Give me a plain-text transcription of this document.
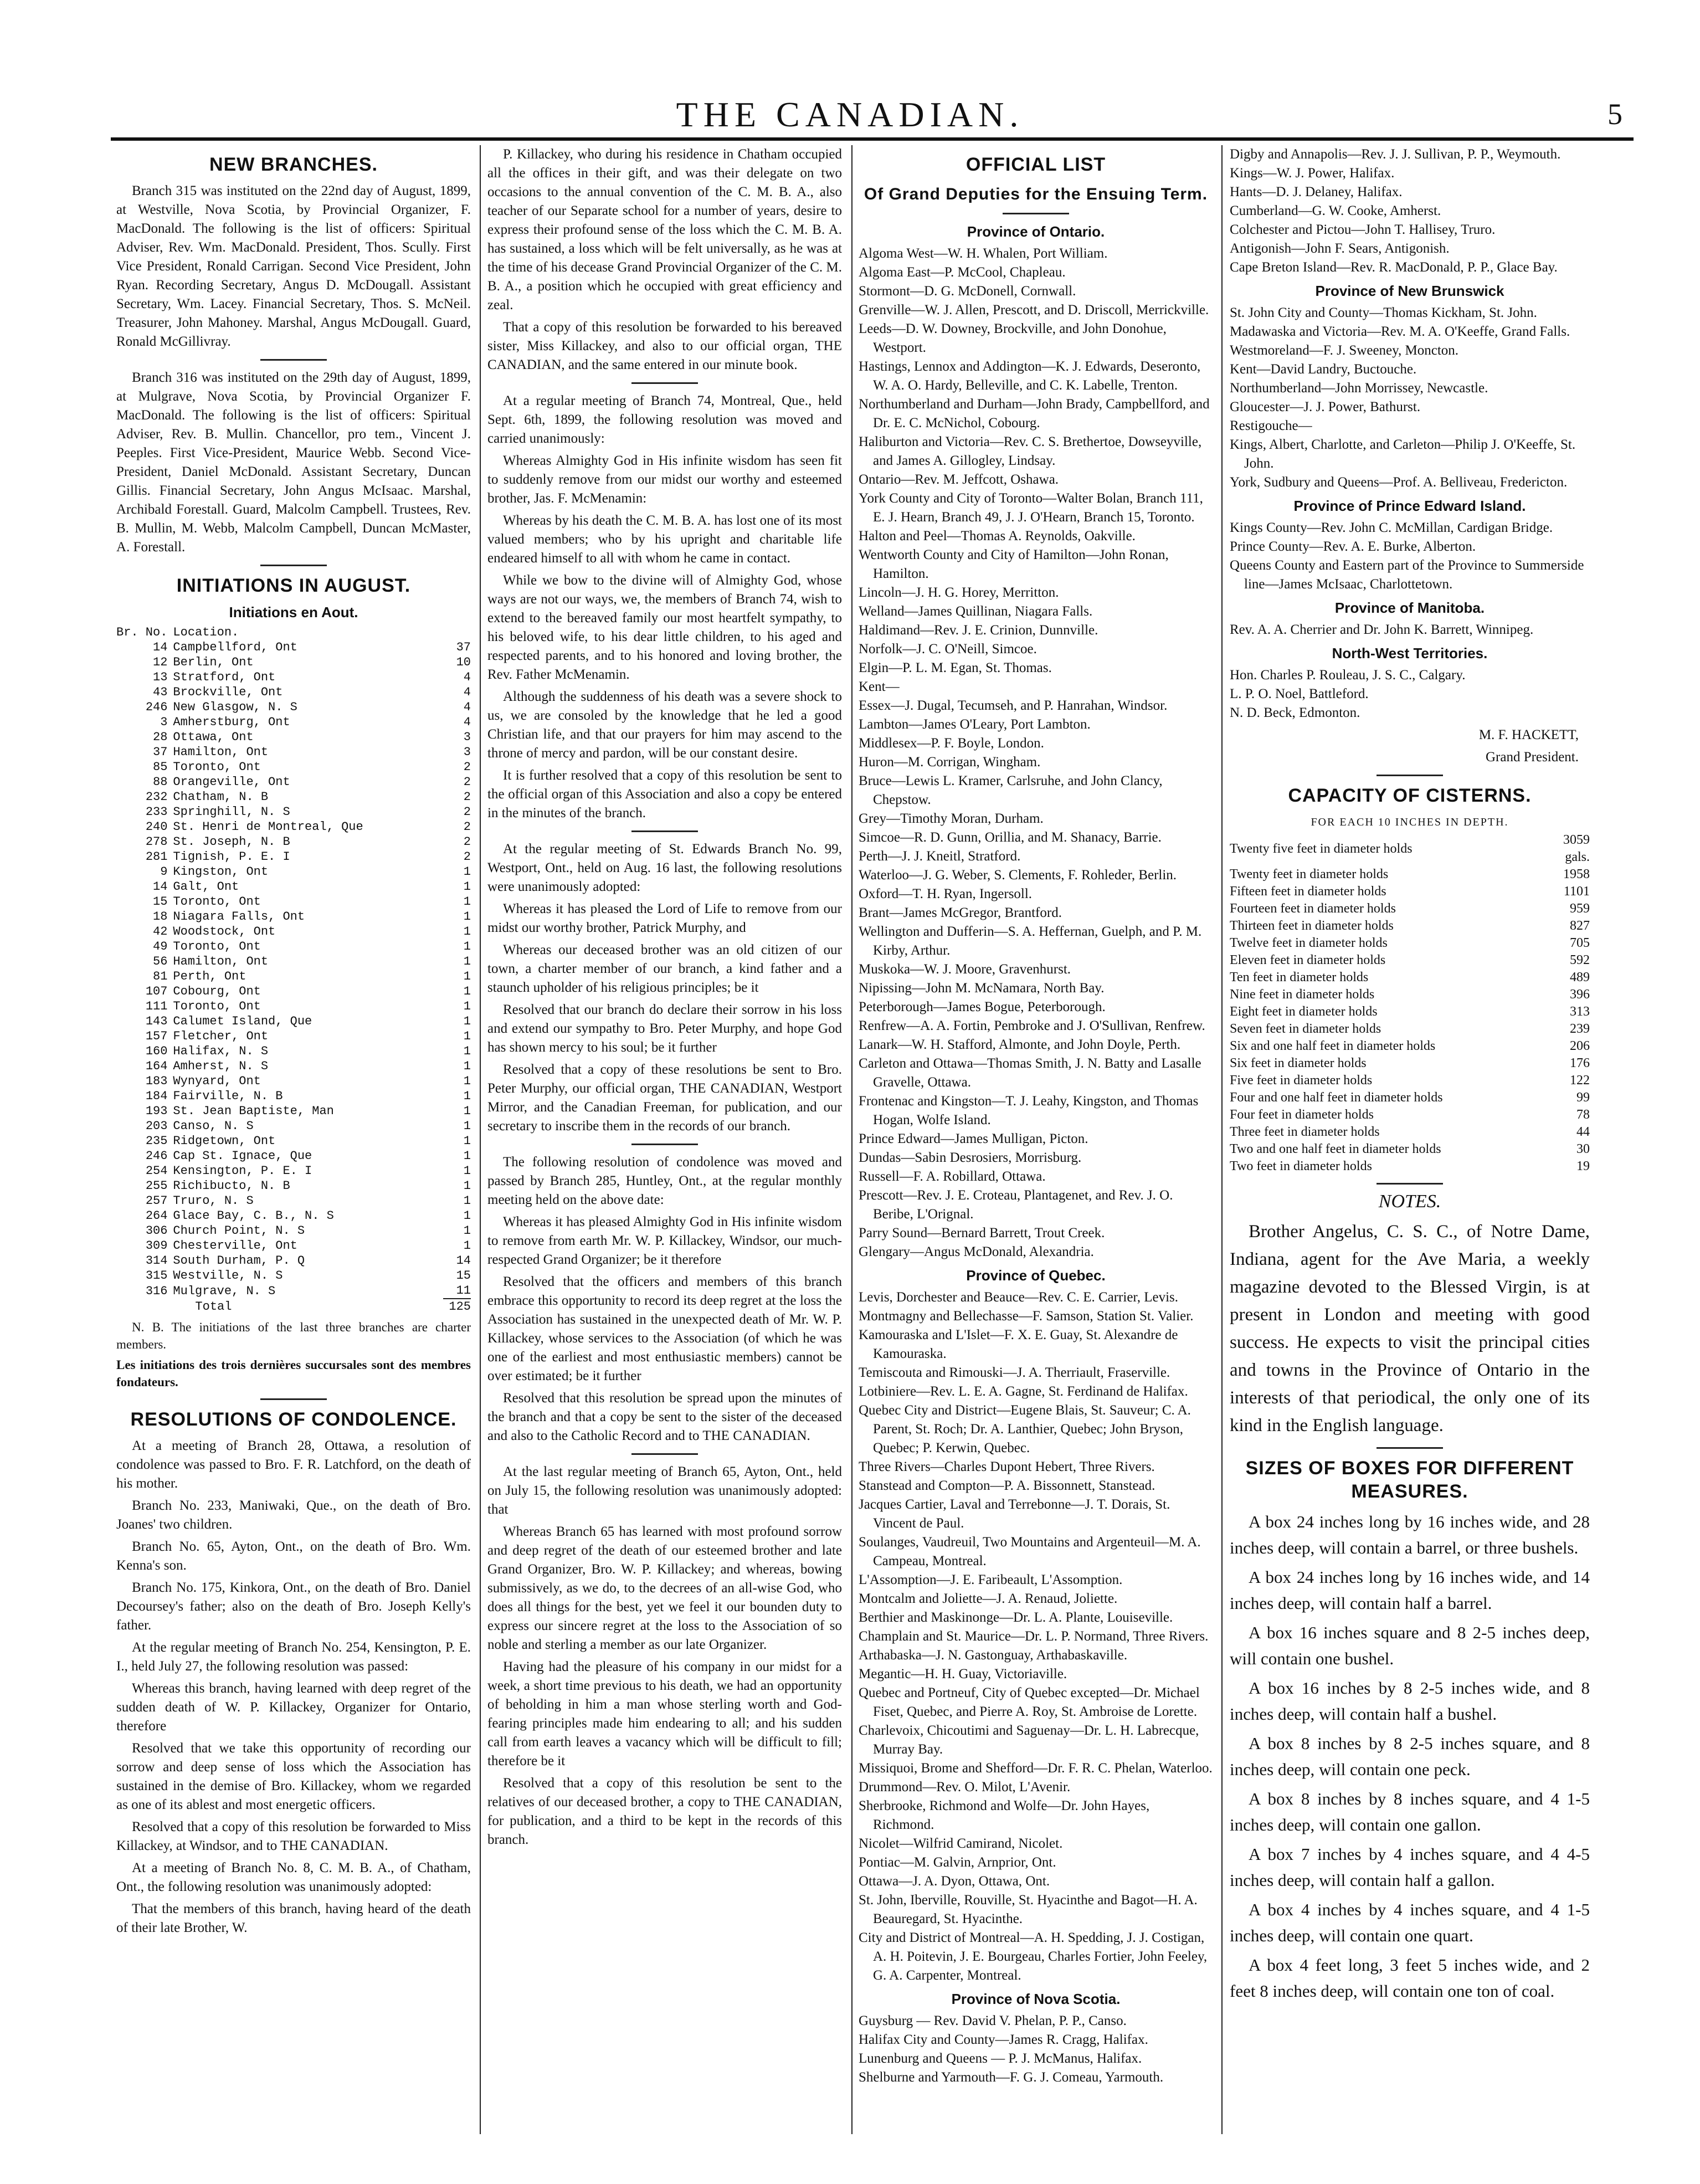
THE CANADIAN.	5
NEW BRANCHES.

Branch 315 was instituted on the 22nd day of August, 1899, at Westville, Nova Scotia, by Provincial Organizer, F. MacDonald. The following is the list of officers: Spiritual Adviser, Rev. Wm. MacDonald. President, Thos. Scully. First Vice President, Ronald Carrigan. Second Vice President, John Ryan. Recording Secretary, Angus D. McDougall. Assistant Secretary, Wm. Lacey. Financial Secretary, Thos. S. McNeil. Treasurer, John Mahoney. Marshal, Angus McDougall. Guard, Ronald McGillivray.

Branch 316 was instituted on the 29th day of August, 1899, at Mulgrave, Nova Scotia, by Provincial Organizer F. MacDonald. The following is the list of officers: Spiritual Adviser, Rev. B. Mullin. Chancellor, pro tem., Vincent J. Peeples. First Vice-President, Maurice Webb. Second Vice-President, Daniel McDonald. Assistant Secretary, Duncan Gillis. Financial Secretary, John Angus McIsaac. Marshal, Archibald Forestall. Guard, Malcolm Campbell. Trustees, Rev. B. Mullin, M. Webb, Malcolm Campbell, Duncan McMaster, A. Forestall.

INITIATIONS IN AUGUST.
Initiations en Aout.
Br. No.	Location.	
14	Campbellford, Ont	37
12	Berlin, Ont	10
13	Stratford, Ont	4
43	Brockville, Ont	4
246	New Glasgow, N. S	4
3	Amherstburg, Ont	4
28	Ottawa, Ont	3
37	Hamilton, Ont	3
85	Toronto, Ont	2
88	Orangeville, Ont	2
232	Chatham, N. B	2
233	Springhill, N. S	2
240	St. Henri de Montreal, Que	2
278	St. Joseph, N. B	2
281	Tignish, P. E. I	2
9	Kingston, Ont	1
14	Galt, Ont	1
15	Toronto, Ont	1
18	Niagara Falls, Ont	1
42	Woodstock, Ont	1
49	Toronto, Ont	1
56	Hamilton, Ont	1
81	Perth, Ont	1
107	Cobourg, Ont	1
111	Toronto, Ont	1
143	Calumet Island, Que	1
157	Fletcher, Ont	1
160	Halifax, N. S	1
164	Amherst, N. S	1
183	Wynyard, Ont	1
184	Fairville, N. B	1
193	St. Jean Baptiste, Man	1
203	Canso, N. S	1
235	Ridgetown, Ont	1
246	Cap St. Ignace, Que	1
254	Kensington, P. E. I	1
255	Richibucto, N. B	1
257	Truro, N. S	1
264	Glace Bay, C. B., N. S	1
306	Church Point, N. S	1
309	Chesterville, Ont	1
314	South Durham, P. Q	14
315	Westville, N. S	15
316	Mulgrave, N. S	11
	Total	125

N. B. The initiations of the last three branches are charter members.

Les initiations des trois dernières succursales sont des membres fondateurs.

RESOLUTIONS OF CONDOLENCE.

At a meeting of Branch 28, Ottawa, a resolution of condolence was passed to Bro. F. R. Latchford, on the death of his mother.

Branch No. 233, Maniwaki, Que., on the death of Bro. Joanes' two children.

Branch No. 65, Ayton, Ont., on the death of Bro. Wm. Kenna's son.

Branch No. 175, Kinkora, Ont., on the death of Bro. Daniel Decoursey's father; also on the death of Bro. Joseph Kelly's father.

At the regular meeting of Branch No. 254, Kensington, P. E. I., held July 27, the following resolution was passed:

Whereas this branch, having learned with deep regret of the sudden death of W. P. Killackey, Organizer for Ontario, therefore

Resolved that we take this opportunity of recording our sorrow and deep sense of loss which the Association has sustained in the demise of Bro. Killackey, whom we regarded as one of its ablest and most energetic officers.

Resolved that a copy of this resolution be forwarded to Miss Killackey, at Windsor, and to THE CANADIAN.

At a meeting of Branch No. 8, C. M. B. A., of Chatham, Ont., the following resolution was unanimously adopted:

That the members of this branch, having heard of the death of their late Brother, W.

P. Killackey, who during his residence in Chatham occupied all the offices in their gift, and was their delegate on two occasions to the annual convention of the C. M. B. A., also teacher of our Separate school for a number of years, desire to express their profound sense of the loss which the C. M. B. A. has sustained, a loss which will be felt universally, as he was at the time of his decease Grand Provincial Organizer of the C. M. B. A., a position which he occupied with great efficiency and zeal.

That a copy of this resolution be forwarded to his bereaved sister, Miss Killackey, and also to our official organ, THE CANADIAN, and the same entered in our minute book.

At a regular meeting of Branch 74, Montreal, Que., held Sept. 6th, 1899, the following resolution was moved and carried unanimously:

Whereas Almighty God in His infinite wisdom has seen fit to suddenly remove from our midst our worthy and esteemed brother, Jas. F. McMenamin:

Whereas by his death the C. M. B. A. has lost one of its most valued members; who by his upright and charitable life endeared himself to all with whom he came in contact.

While we bow to the divine will of Almighty God, whose ways are not our ways, we, the members of Branch 74, wish to extend to the bereaved family our most heartfelt sympathy, to his beloved wife, to his dear little children, to his aged and respected parents, and to his honored and loving brother, the Rev. Father McMenamin.

Although the suddenness of his death was a severe shock to us, we are consoled by the knowledge that he led a good Christian life, and that our prayers for him may ascend to the throne of mercy and pardon, will be our constant desire.

It is further resolved that a copy of this resolution be sent to the official organ of this Association and also a copy be entered in the minutes of the branch.

At the regular meeting of St. Edwards Branch No. 99, Westport, Ont., held on Aug. 16 last, the following resolutions were unanimously adopted:

Whereas it has pleased the Lord of Life to remove from our midst our worthy brother, Patrick Murphy, and

Whereas our deceased brother was an old citizen of our town, a charter member of our branch, a kind father and a staunch upholder of his religious principles; be it

Resolved that our branch do declare their sorrow in his loss and extend our sympathy to Bro. Peter Murphy, and hope God has shown mercy to his soul; be it further

Resolved that a copy of these resolutions be sent to Bro. Peter Murphy, our official organ, THE CANADIAN, Westport Mirror, and the Canadian Freeman, for publication, and our secretary to inscribe them in the records of our branch.

The following resolution of condolence was moved and passed by Branch 285, Huntley, Ont., at the regular monthly meeting held on the above date:

Whereas it has pleased Almighty God in His infinite wisdom to remove from earth Mr. W. P. Killackey, Windsor, our much-respected Grand Organizer; be it therefore

Resolved that the officers and members of this branch embrace this opportunity to record its deep regret at the loss the Association has sustained in the unexpected death of Mr. W. P. Killackey, whose services to the Association (of which he was one of the earliest and most enthusiastic members) cannot be over estimated; be it further

Resolved that this resolution be spread upon the minutes of the branch and that a copy be sent to the sister of the deceased and also to the Catholic Record and to THE CANADIAN.

At the last regular meeting of Branch 65, Ayton, Ont., held on July 15, the following resolution was unanimously adopted: that

Whereas Branch 65 has learned with most profound sorrow and deep regret of the death of our esteemed brother and late Grand Organizer, Bro. W. P. Killackey; and whereas, bowing submissively, as we do, to the decrees of an all-wise God, who does all things for the best, yet we feel it our bounden duty to express our sincere regret at the loss to the Association of so noble and sterling a member as our late Organizer.

Having had the pleasure of his company in our midst for a week, a short time previous to his death, we had an opportunity of beholding in him a man whose sterling worth and God-fearing principles made him endearing to all; and his sudden call from earth leaves a vacancy which will be difficult to fill; therefore be it

Resolved that a copy of this resolution be sent to the relatives of our deceased brother, a copy to THE CANADIAN, for publication, and a third to be kept in the records of this branch.

OFFICIAL LIST
Of Grand Deputies for the Ensuing Term.
Province of Ontario.

Algoma West—W. H. Whalen, Port William.

Algoma East—P. McCool, Chapleau.

Stormont—D. G. McDonell, Cornwall.

Grenville—W. J. Allen, Prescott, and D. Driscoll, Merrickville.

Leeds—D. W. Downey, Brockville, and John Donohue, Westport.

Hastings, Lennox and Addington—K. J. Edwards, Deseronto, W. A. O. Hardy, Belleville, and C. K. Labelle, Trenton.

Northumberland and Durham—John Brady, Campbellford, and Dr. E. C. McNichol, Cobourg.

Haliburton and Victoria—Rev. C. S. Brethertoe, Dowseyville, and James A. Gillogley, Lindsay.

Ontario—Rev. M. Jeffcott, Oshawa.

York County and City of Toronto—Walter Bolan, Branch 111, E. J. Hearn, Branch 49, J. J. O'Hearn, Branch 15, Toronto.

Halton and Peel—Thomas A. Reynolds, Oakville.

Wentworth County and City of Hamilton—John Ronan, Hamilton.

Lincoln—J. H. G. Horey, Merritton.

Welland—James Quillinan, Niagara Falls.

Haldimand—Rev. J. E. Crinion, Dunnville.

Norfolk—J. C. O'Neill, Simcoe.

Elgin—P. L. M. Egan, St. Thomas.

Kent—

Essex—J. Dugal, Tecumseh, and P. Hanrahan, Windsor.

Lambton—James O'Leary, Port Lambton.

Middlesex—P. F. Boyle, London.

Huron—M. Corrigan, Wingham.

Bruce—Lewis L. Kramer, Carlsruhe, and John Clancy, Chepstow.

Grey—Timothy Moran, Durham.

Simcoe—R. D. Gunn, Orillia, and M. Shanacy, Barrie.

Perth—J. J. Kneitl, Stratford.

Waterloo—J. G. Weber, S. Clements, F. Rohleder, Berlin.

Oxford—T. H. Ryan, Ingersoll.

Brant—James McGregor, Brantford.

Wellington and Dufferin—S. A. Heffernan, Guelph, and P. M. Kirby, Arthur.

Muskoka—W. J. Moore, Gravenhurst.

Nipissing—John M. McNamara, North Bay.

Peterborough—James Bogue, Peterborough.

Renfrew—A. A. Fortin, Pembroke and J. O'Sullivan, Renfrew.

Lanark—W. H. Stafford, Almonte, and John Doyle, Perth.

Carleton and Ottawa—Thomas Smith, J. N. Batty and Lasalle Gravelle, Ottawa.

Frontenac and Kingston—T. J. Leahy, Kingston, and Thomas Hogan, Wolfe Island.

Prince Edward—James Mulligan, Picton.

Dundas—Sabin Desrosiers, Morrisburg.

Russell—F. A. Robillard, Ottawa.

Prescott—Rev. J. E. Croteau, Plantagenet, and Rev. J. O. Beribe, L'Orignal.

Parry Sound—Bernard Barrett, Trout Creek.

Glengary—Angus McDonald, Alexandria.

Province of Quebec.

Levis, Dorchester and Beauce—Rev. C. E. Carrier, Levis.

Montmagny and Bellechasse—F. Samson, Station St. Valier.

Kamouraska and L'Islet—F. X. E. Guay, St. Alexandre de Kamouraska.

Temiscouta and Rimouski—J. A. Therriault, Fraserville.

Lotbiniere—Rev. L. E. A. Gagne, St. Ferdinand de Halifax.

Quebec City and District—Eugene Blais, St. Sauveur; C. A. Parent, St. Roch; Dr. A. Lanthier, Quebec; John Bryson, Quebec; P. Kerwin, Quebec.

Three Rivers—Charles Dupont Hebert, Three Rivers.

Stanstead and Compton—P. A. Bissonnett, Stanstead.

Jacques Cartier, Laval and Terrebonne—J. T. Dorais, St. Vincent de Paul.

Soulanges, Vaudreuil, Two Mountains and Argenteuil—M. A. Campeau, Montreal.

L'Assomption—J. E. Faribeault, L'Assomption.

Montcalm and Joliette—J. A. Renaud, Joliette.

Berthier and Maskinonge—Dr. L. A. Plante, Louiseville.

Champlain and St. Maurice—Dr. L. P. Normand, Three Rivers.

Arthabaska—J. N. Gastonguay, Arthabaskaville.

Megantic—H. H. Guay, Victoriaville.

Quebec and Portneuf, City of Quebec excepted—Dr. Michael Fiset, Quebec, and Pierre A. Roy, St. Ambroise de Lorette.

Charlevoix, Chicoutimi and Saguenay—Dr. L. H. Labrecque, Murray Bay.

Missiquoi, Brome and Shefford—Dr. F. R. C. Phelan, Waterloo.

Drummond—Rev. O. Milot, L'Avenir.

Sherbrooke, Richmond and Wolfe—Dr. John Hayes, Richmond.

Nicolet—Wilfrid Camirand, Nicolet.

Pontiac—M. Galvin, Arnprior, Ont.

Ottawa—J. A. Dyon, Ottawa, Ont.

St. John, Iberville, Rouville, St. Hyacinthe and Bagot—H. A. Beauregard, St. Hyacinthe.

City and District of Montreal—A. H. Spedding, J. J. Costigan, A. H. Poitevin, J. E. Bourgeau, Charles Fortier, John Feeley, G. A. Carpenter, Montreal.

Province of Nova Scotia.

Guysburg — Rev. David V. Phelan, P. P., Canso.

Halifax City and County—James R. Cragg, Halifax.

Lunenburg and Queens — P. J. McManus, Halifax.

Shelburne and Yarmouth—F. G. J. Comeau, Yarmouth.

Digby and Annapolis—Rev. J. J. Sullivan, P. P., Weymouth.

Kings—W. J. Power, Halifax.

Hants—D. J. Delaney, Halifax.

Cumberland—G. W. Cooke, Amherst.

Colchester and Pictou—John T. Hallisey, Truro.

Antigonish—John F. Sears, Antigonish.

Cape Breton Island—Rev. R. MacDonald, P. P., Glace Bay.

Province of New Brunswick

St. John City and County—Thomas Kickham, St. John.

Madawaska and Victoria—Rev. M. A. O'Keeffe, Grand Falls.

Westmoreland—F. J. Sweeney, Moncton.

Kent—David Landry, Buctouche.

Northumberland—John Morrissey, Newcastle.

Gloucester—J. J. Power, Bathurst.

Restigouche—

Kings, Albert, Charlotte, and Carleton—Philip J. O'Keeffe, St. John.

York, Sudbury and Queens—Prof. A. Belliveau, Fredericton.

Province of Prince Edward Island.

Kings County—Rev. John C. McMillan, Cardigan Bridge.

Prince County—Rev. A. E. Burke, Alberton.

Queens County and Eastern part of the Province to Summerside line—James McIsaac, Charlottetown.

Province of Manitoba.

Rev. A. A. Cherrier and Dr. John K. Barrett, Winnipeg.

North-West Territories.

Hon. Charles P. Rouleau, J. S. C., Calgary.

L. P. O. Noel, Battleford.

N. D. Beck, Edmonton.

M. F. HACKETT,
Grand President.
CAPACITY OF CISTERNS.
FOR EACH 10 INCHES IN DEPTH.
Twenty five feet in diameter holds	3059 gals.
Twenty feet in diameter holds	1958
Fifteen feet in diameter holds	1101
Fourteen feet in diameter holds	959
Thirteen feet in diameter holds	827
Twelve feet in diameter holds	705
Eleven feet in diameter holds	592
Ten feet in diameter holds	489
Nine feet in diameter holds	396
Eight feet in diameter holds	313
Seven feet in diameter holds	239
Six and one half feet in diameter holds	206
Six feet in diameter holds	176
Five feet in diameter holds	122
Four and one half feet in diameter holds	99
Four feet in diameter holds	78
Three feet in diameter holds	44
Two and one half feet in diameter holds	30
Two feet in diameter holds	19
NOTES.

Brother Angelus, C. S. C., of Notre Dame, Indiana, agent for the Ave Maria, a weekly magazine devoted to the Blessed Virgin, is at present in London and meeting with good success. He expects to visit the principal cities and towns in the Province of Ontario in the interests of that periodical, the only one of its kind in the English language.

SIZES OF BOXES FOR DIFFERENT MEASURES.

A box 24 inches long by 16 inches wide, and 28 inches deep, will contain a barrel, or three bushels.

A box 24 inches long by 16 inches wide, and 14 inches deep, will contain half a barrel.

A box 16 inches square and 8 2-5 inches deep, will contain one bushel.

A box 16 inches by 8 2-5 inches wide, and 8 inches deep, will contain half a bushel.

A box 8 inches by 8 2-5 inches square, and 8 inches deep, will contain one peck.

A box 8 inches by 8 inches square, and 4 1-5 inches deep, will contain one gallon.

A box 7 inches by 4 inches square, and 4 4-5 inches deep, will contain half a gallon.

A box 4 inches by 4 inches square, and 4 1-5 inches deep, will contain one quart.

A box 4 feet long, 3 feet 5 inches wide, and 2 feet 8 inches deep, will contain one ton of coal.
